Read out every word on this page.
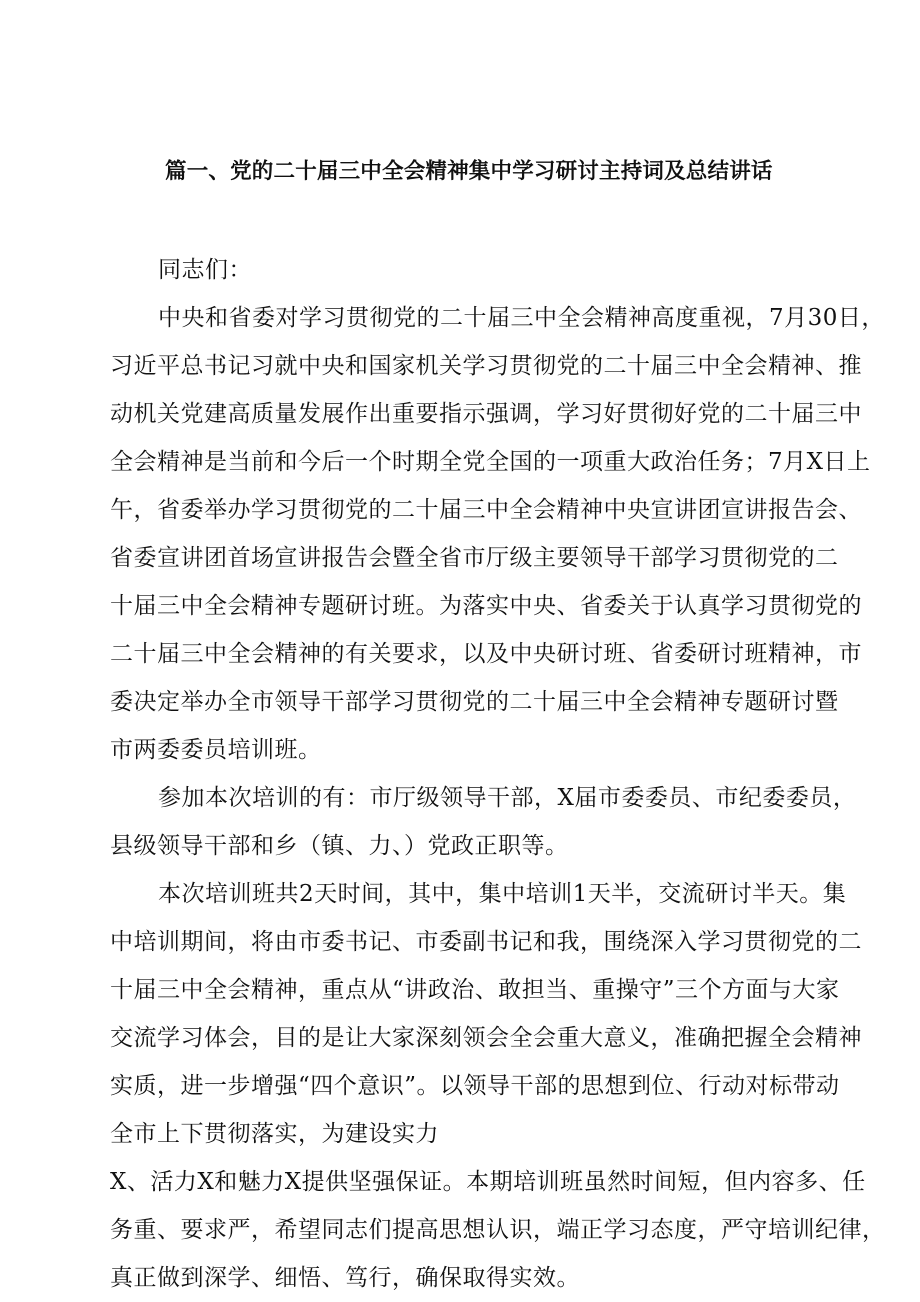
篇一、党的二十届三中全会精神集中学习研讨主持词及总结讲话
同志们：
中央和省委对学习贯彻党的二十届三中全会精神高度重视，7月30日，
习近平总书记习就中央和国家机关学习贯彻党的二十届三中全会精神、推
动机关党建高质量发展作出重要指示强调，学习好贯彻好党的二十届三中
全会精神是当前和今后一个时期全党全国的一项重大政治任务；7月X日上
午，省委举办学习贯彻党的二十届三中全会精神中央宣讲团宣讲报告会、
省委宣讲团首场宣讲报告会暨全省市厅级主要领导干部学习贯彻党的二
十届三中全会精神专题研讨班。为落实中央、省委关于认真学习贯彻党的
二十届三中全会精神的有关要求，以及中央研讨班、省委研讨班精神，市
委决定举办全市领导干部学习贯彻党的二十届三中全会精神专题研讨暨
市两委委员培训班。
参加本次培训的有：市厅级领导干部，X届市委委员、市纪委委员，
县级领导干部和乡（镇、力、）党政正职等。
本次培训班共2天时间，其中，集中培训1天半，交流研讨半天。集
中培训期间，将由市委书记、市委副书记和我，围绕深入学习贯彻党的二
十届三中全会精神，重点从“讲政治、敢担当、重操守”三个方面与大家
交流学习体会，目的是让大家深刻领会全会重大意义，准确把握全会精神
实质，进一步增强“四个意识”。以领导干部的思想到位、行动对标带动
全市上下贯彻落实，为建设实力
X、活力X和魅力X提供坚强保证。本期培训班虽然时间短，但内容多、任
务重、要求严，希望同志们提高思想认识，端正学习态度，严守培训纪律，
真正做到深学、细悟、笃行，确保取得实效。
